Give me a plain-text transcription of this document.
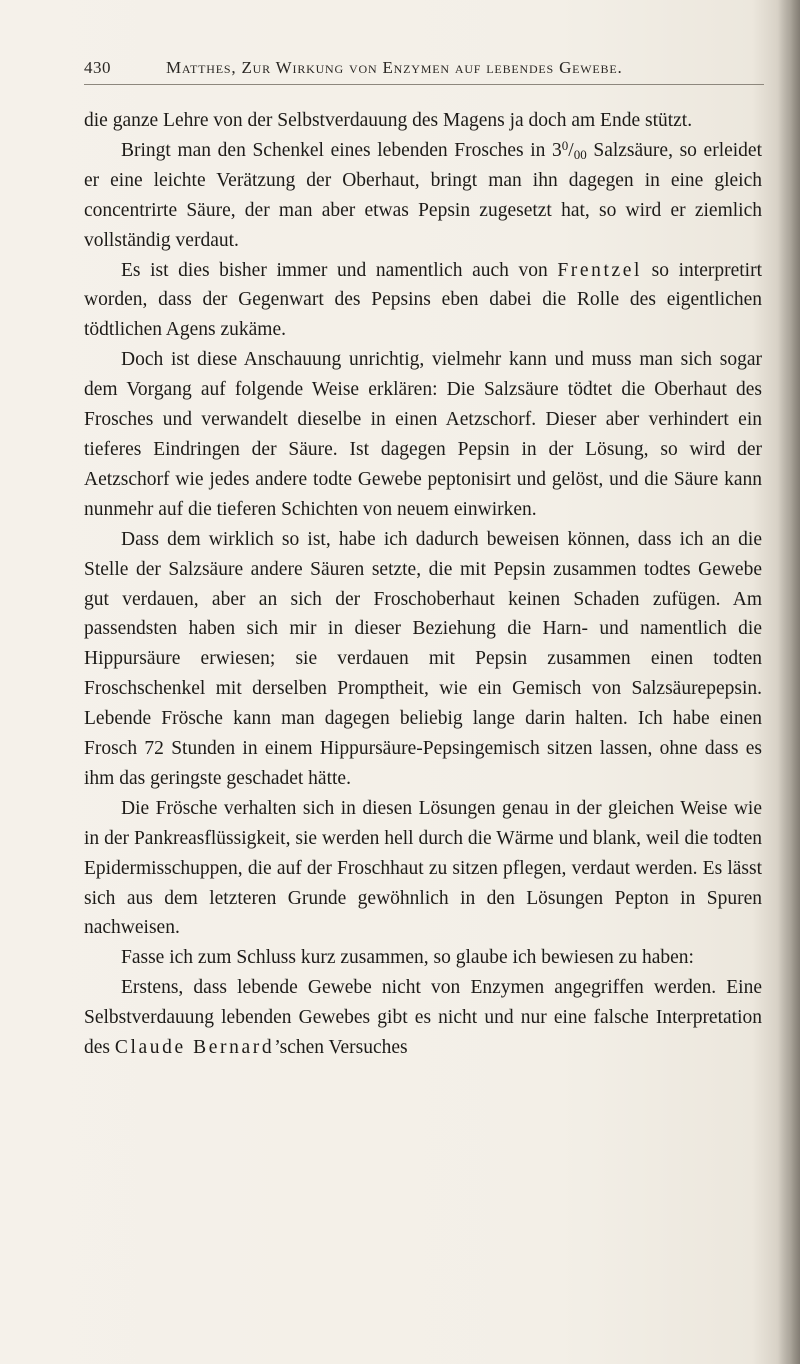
430	Matthes, Zur Wirkung von Enzymen auf lebendes Gewebe.

die ganze Lehre von der Selbstverdauung des Magens ja doch am Ende stützt.

Bringt man den Schenkel eines lebenden Frosches in $3^0/_{00}$ Salzsäure, so erleidet er eine leichte Verätzung der Oberhaut, bringt man ihn dagegen in eine gleich concentrirte Säure, der man aber etwas Pepsin zugesetzt hat, so wird er ziemlich vollständig verdaut.

Es ist dies bisher immer und namentlich auch von Frentzel so interpretirt worden, dass der Gegenwart des Pepsins eben dabei die Rolle des eigentlichen tödtlichen Agens zukäme.

Doch ist diese Anschauung unrichtig, vielmehr kann und muss man sich sogar dem Vorgang auf folgende Weise erklären: Die Salzsäure tödtet die Oberhaut des Frosches und verwandelt dieselbe in einen Aetzschorf. Dieser aber verhindert ein tieferes Eindringen der Säure. Ist dagegen Pepsin in der Lösung, so wird der Aetzschorf wie jedes andere todte Gewebe peptonisirt und gelöst, und die Säure kann nunmehr auf die tieferen Schichten von neuem einwirken.

Dass dem wirklich so ist, habe ich dadurch beweisen können, dass ich an die Stelle der Salzsäure andere Säuren setzte, die mit Pepsin zusammen todtes Gewebe gut verdauen, aber an sich der Froschoberhaut keinen Schaden zufügen. Am passendsten haben sich mir in dieser Beziehung die Harn- und namentlich die Hippursäure erwiesen; sie verdauen mit Pepsin zusammen einen todten Froschschenkel mit derselben Promptheit, wie ein Gemisch von Salzsäurepepsin. Lebende Frösche kann man dagegen beliebig lange darin halten. Ich habe einen Frosch 72 Stunden in einem Hippursäure-Pepsingemisch sitzen lassen, ohne dass es ihm das geringste geschadet hätte.

Die Frösche verhalten sich in diesen Lösungen genau in der gleichen Weise wie in der Pankreasflüssigkeit, sie werden hell durch die Wärme und blank, weil die todten Epidermisschuppen, die auf der Froschhaut zu sitzen pflegen, verdaut werden. Es lässt sich aus dem letzteren Grunde gewöhnlich in den Lösungen Pepton in Spuren nachweisen.

Fasse ich zum Schluss kurz zusammen, so glaube ich bewiesen zu haben:

Erstens, dass lebende Gewebe nicht von Enzymen angegriffen werden. Eine Selbstverdauung lebenden Gewebes gibt es nicht und nur eine falsche Interpretation des Claude Bernard’schen Versuches
